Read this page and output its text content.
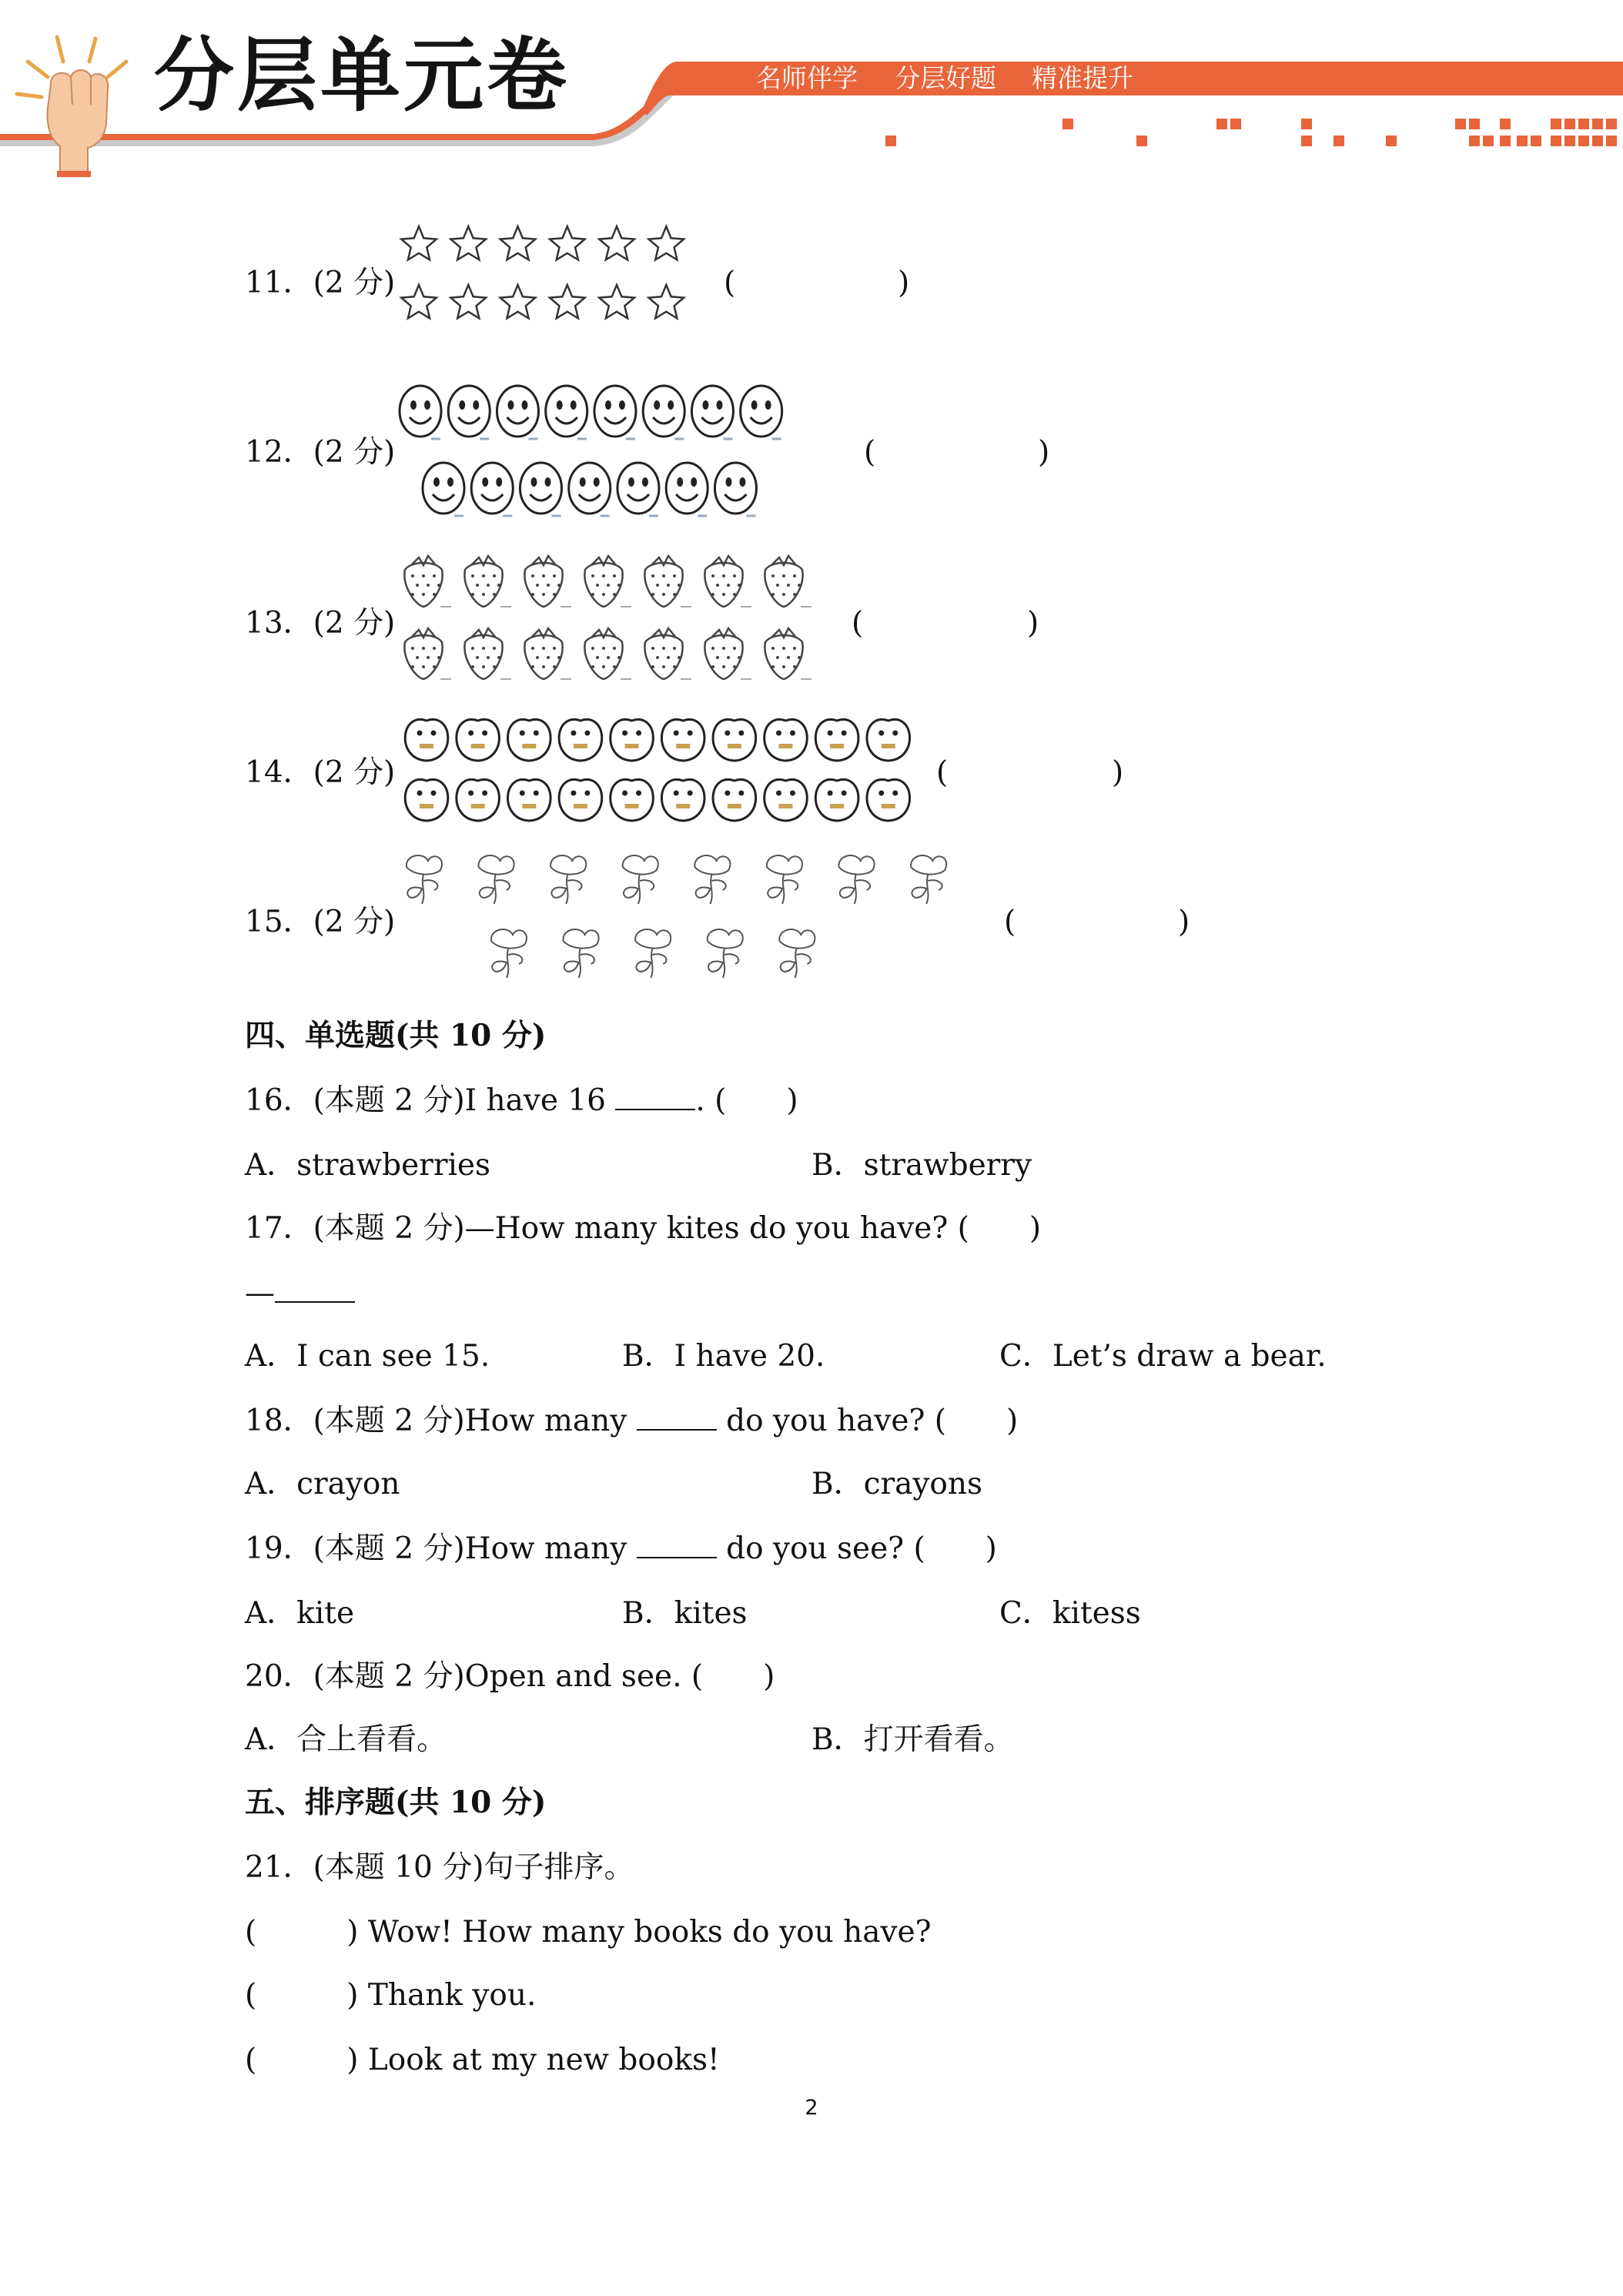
分层单元卷	名师伴学 分层好题 精准提升
11．(2 分)	(	)
12．(2 分)	(	)
13．(2 分)	(	)
14．(2 分)	(	)
15．(2 分)	(	)
四、单选题(共 10 分)
16．(本题 2 分)I have 16	. (　　)
A．strawberries	B．strawberry
17．(本题 2 分)—How many kites do you have? (　　)
—
A．I can see 15.	B．I have 20.	C．Let’s draw a bear.
18．(本题 2 分)How many	do you have? (　　)
A．crayon	B．crayons
19．(本题 2 分)How many	do you see? (　　)
A．kite	B．kites	C．kitess
20．(本题 2 分)Open and see. (　　)
A．合上看看。	B．打开看看。
五、排序题(共 10 分)
21．(本题 10 分)句子排序。
(　　　) Wow! How many books do you have?
(　　　) Thank you.
(　　　) Look at my new books!
2
